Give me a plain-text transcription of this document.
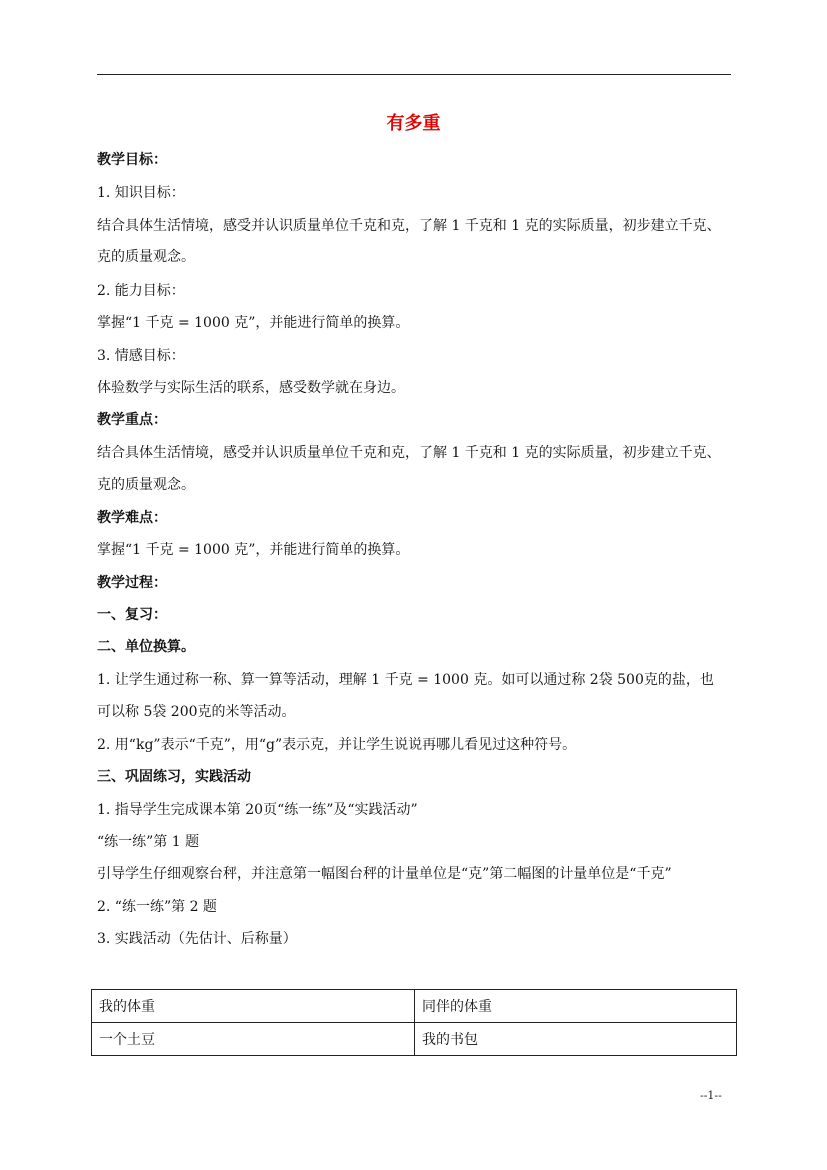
有多重
教学目标：
1. 知识目标：
结合具体生活情境，感受并认识质量单位千克和克，了解 1 千克和 1 克的实际质量，初步建立千克、
克的质量观念。
2. 能力目标：
掌握“1 千克 = 1000 克”，并能进行简单的换算。
3. 情感目标：
体验数学与实际生活的联系，感受数学就在身边。
教学重点：
结合具体生活情境，感受并认识质量单位千克和克，了解 1 千克和 1 克的实际质量，初步建立千克、
克的质量观念。
教学难点：
掌握“1 千克 = 1000 克”，并能进行简单的换算。
教学过程：
一、复习：
二、单位换算。
1. 让学生通过称一称、算一算等活动，理解 1 千克 = 1000 克。如可以通过称 2袋 500克的盐，也
可以称 5袋 200克的米等活动。
2. 用“kg”表示“千克”，用“g”表示克，并让学生说说再哪儿看见过这种符号。
三、巩固练习，实践活动
1. 指导学生完成课本第 20页“练一练”及“实践活动”
“练一练”第 1 题
引导学生仔细观察台秤，并注意第一幅图台秤的计量单位是“克”第二幅图的计量单位是“千克”
2. “练一练”第 2 题
3. 实践活动（先估计、后称量）
我的体重	同伴的体重
一个土豆	我的书包
--1--
